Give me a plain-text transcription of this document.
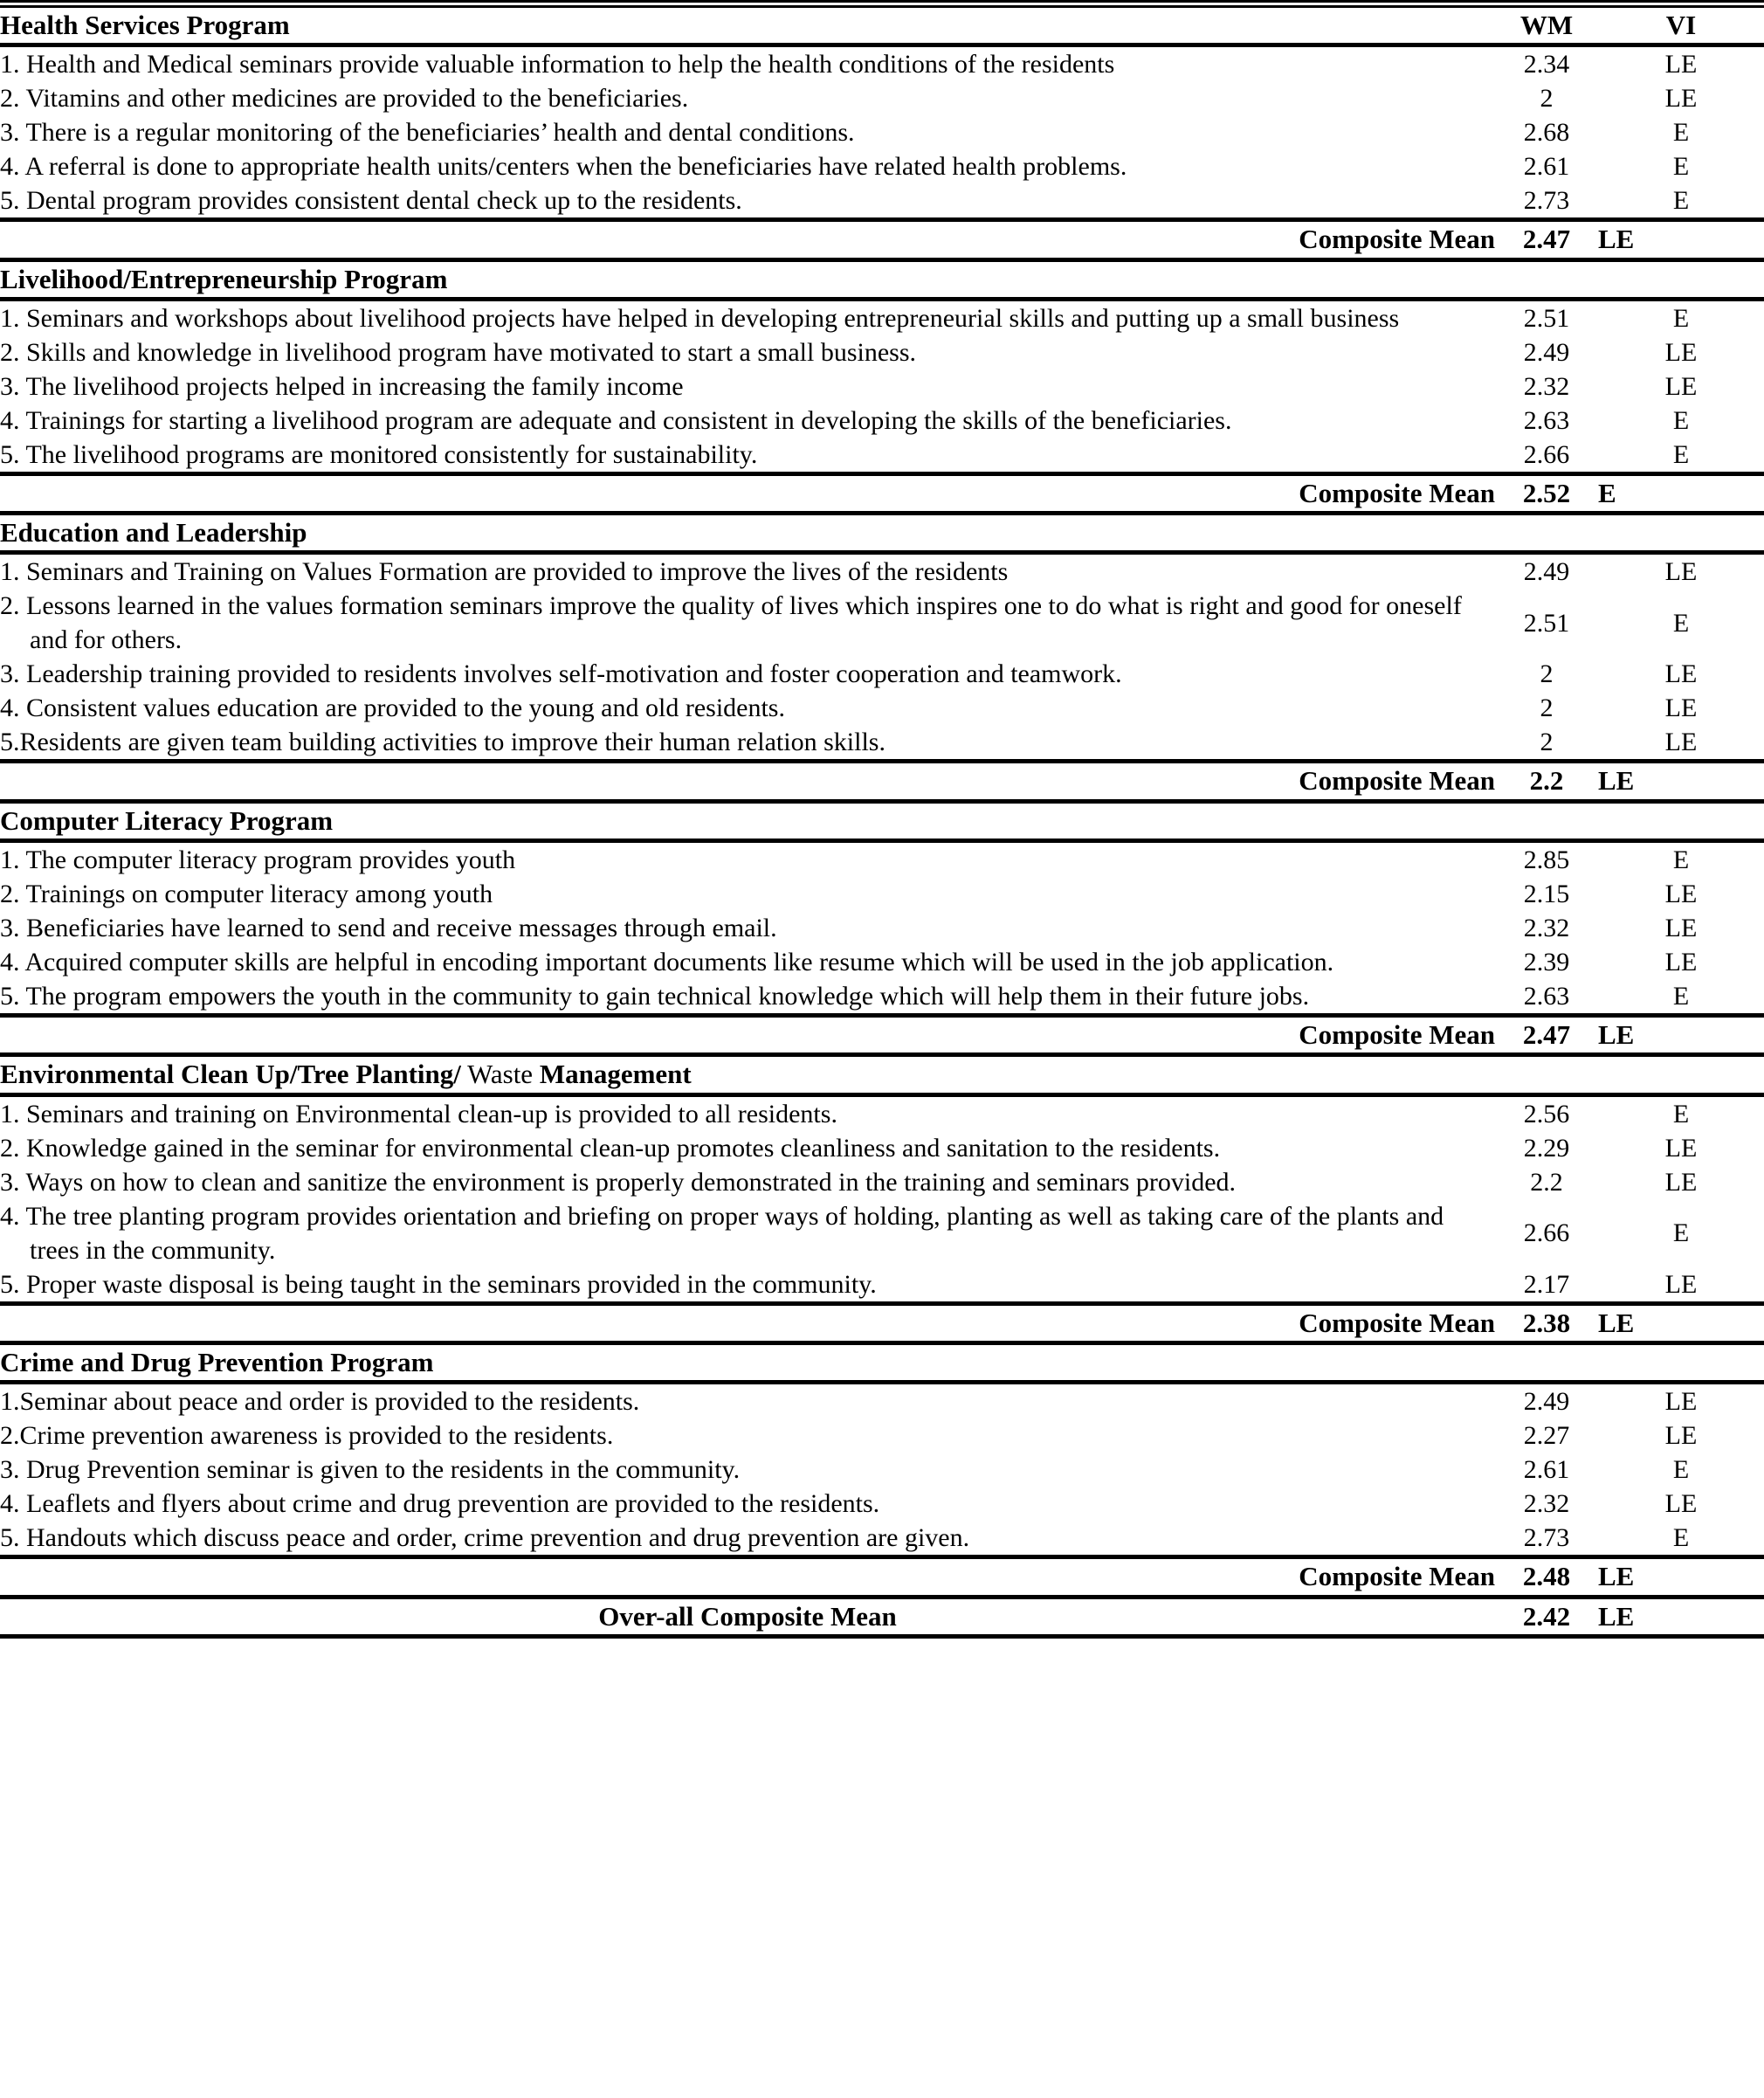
Health Services Program	WM	VI

1. Health and Medical seminars provide valuable information to help the health conditions of the residents	2.34	LE

2. Vitamins and other medicines are provided to the beneficiaries.	2	LE

3. There is a regular monitoring of the beneficiaries’ health and dental conditions.	2.68	E

4. A referral is done to appropriate health units/centers when the beneficiaries have related health problems.	2.61	E

5. Dental program provides consistent dental check up to the residents.	2.73	E
Composite Mean	2.47	LE
Livelihood/Entrepreneurship Program		

1. Seminars and workshops about livelihood projects have helped in developing entrepreneurial skills and putting up a small business	2.51	E

2. Skills and knowledge in livelihood program have motivated to start a small business.	2.49	LE

3. The livelihood projects helped in increasing the family income	2.32	LE

4. Trainings for starting a livelihood program are adequate and consistent in developing the skills of the beneficiaries.	2.63	E

5. The livelihood programs are monitored consistently for sustainability.	2.66	E
Composite Mean	2.52	E
Education and Leadership		

1. Seminars and Training on Values Formation are provided to improve the lives of the residents	2.49	LE

2. Lessons learned in the values formation seminars improve the quality of lives which inspires one to do what is right and good for oneself and for others.	2.51	E

3. Leadership training provided to residents involves self-motivation and foster cooperation and teamwork.	2	LE

4. Consistent values education are provided to the young and old residents.	2	LE

5.Residents are given team building activities to improve their human relation skills.	2	LE
Composite Mean	2.2	LE
Computer Literacy Program		

1. The computer literacy program provides youth	2.85	E

2. Trainings on computer literacy among youth	2.15	LE

3. Beneficiaries have learned to send and receive messages through email.	2.32	LE

4. Acquired computer skills are helpful in encoding important documents like resume which will be used in the job application.	2.39	LE

5. The program empowers the youth in the community to gain technical knowledge which will help them in their future jobs.	2.63	E
Composite Mean	2.47	LE
Environmental Clean Up/Tree Planting/ Waste Management		

1. Seminars and training on Environmental clean-up is provided to all residents.	2.56	E

2. Knowledge gained in the seminar for environmental clean-up promotes cleanliness and sanitation to the residents.	2.29	LE

3. Ways on how to clean and sanitize the environment is properly demonstrated in the training and seminars provided.	2.2	LE

4. The tree planting program provides orientation and briefing on proper ways of holding, planting as well as taking care of the plants and trees in the community.	2.66	E

5. Proper waste disposal is being taught in the seminars provided in the community.	2.17	LE
Composite Mean	2.38	LE
Crime and Drug Prevention Program		

1.Seminar about peace and order is provided to the residents.	2.49	LE

2.Crime prevention awareness is provided to the residents.	2.27	LE

3. Drug Prevention seminar is given to the residents in the community.	2.61	E

4. Leaflets and flyers about crime and drug prevention are provided to the residents.	2.32	LE

5. Handouts which discuss peace and order, crime prevention and drug prevention are given.	2.73	E
Composite Mean	2.48	LE
Over-all Composite Mean	2.42	LE
